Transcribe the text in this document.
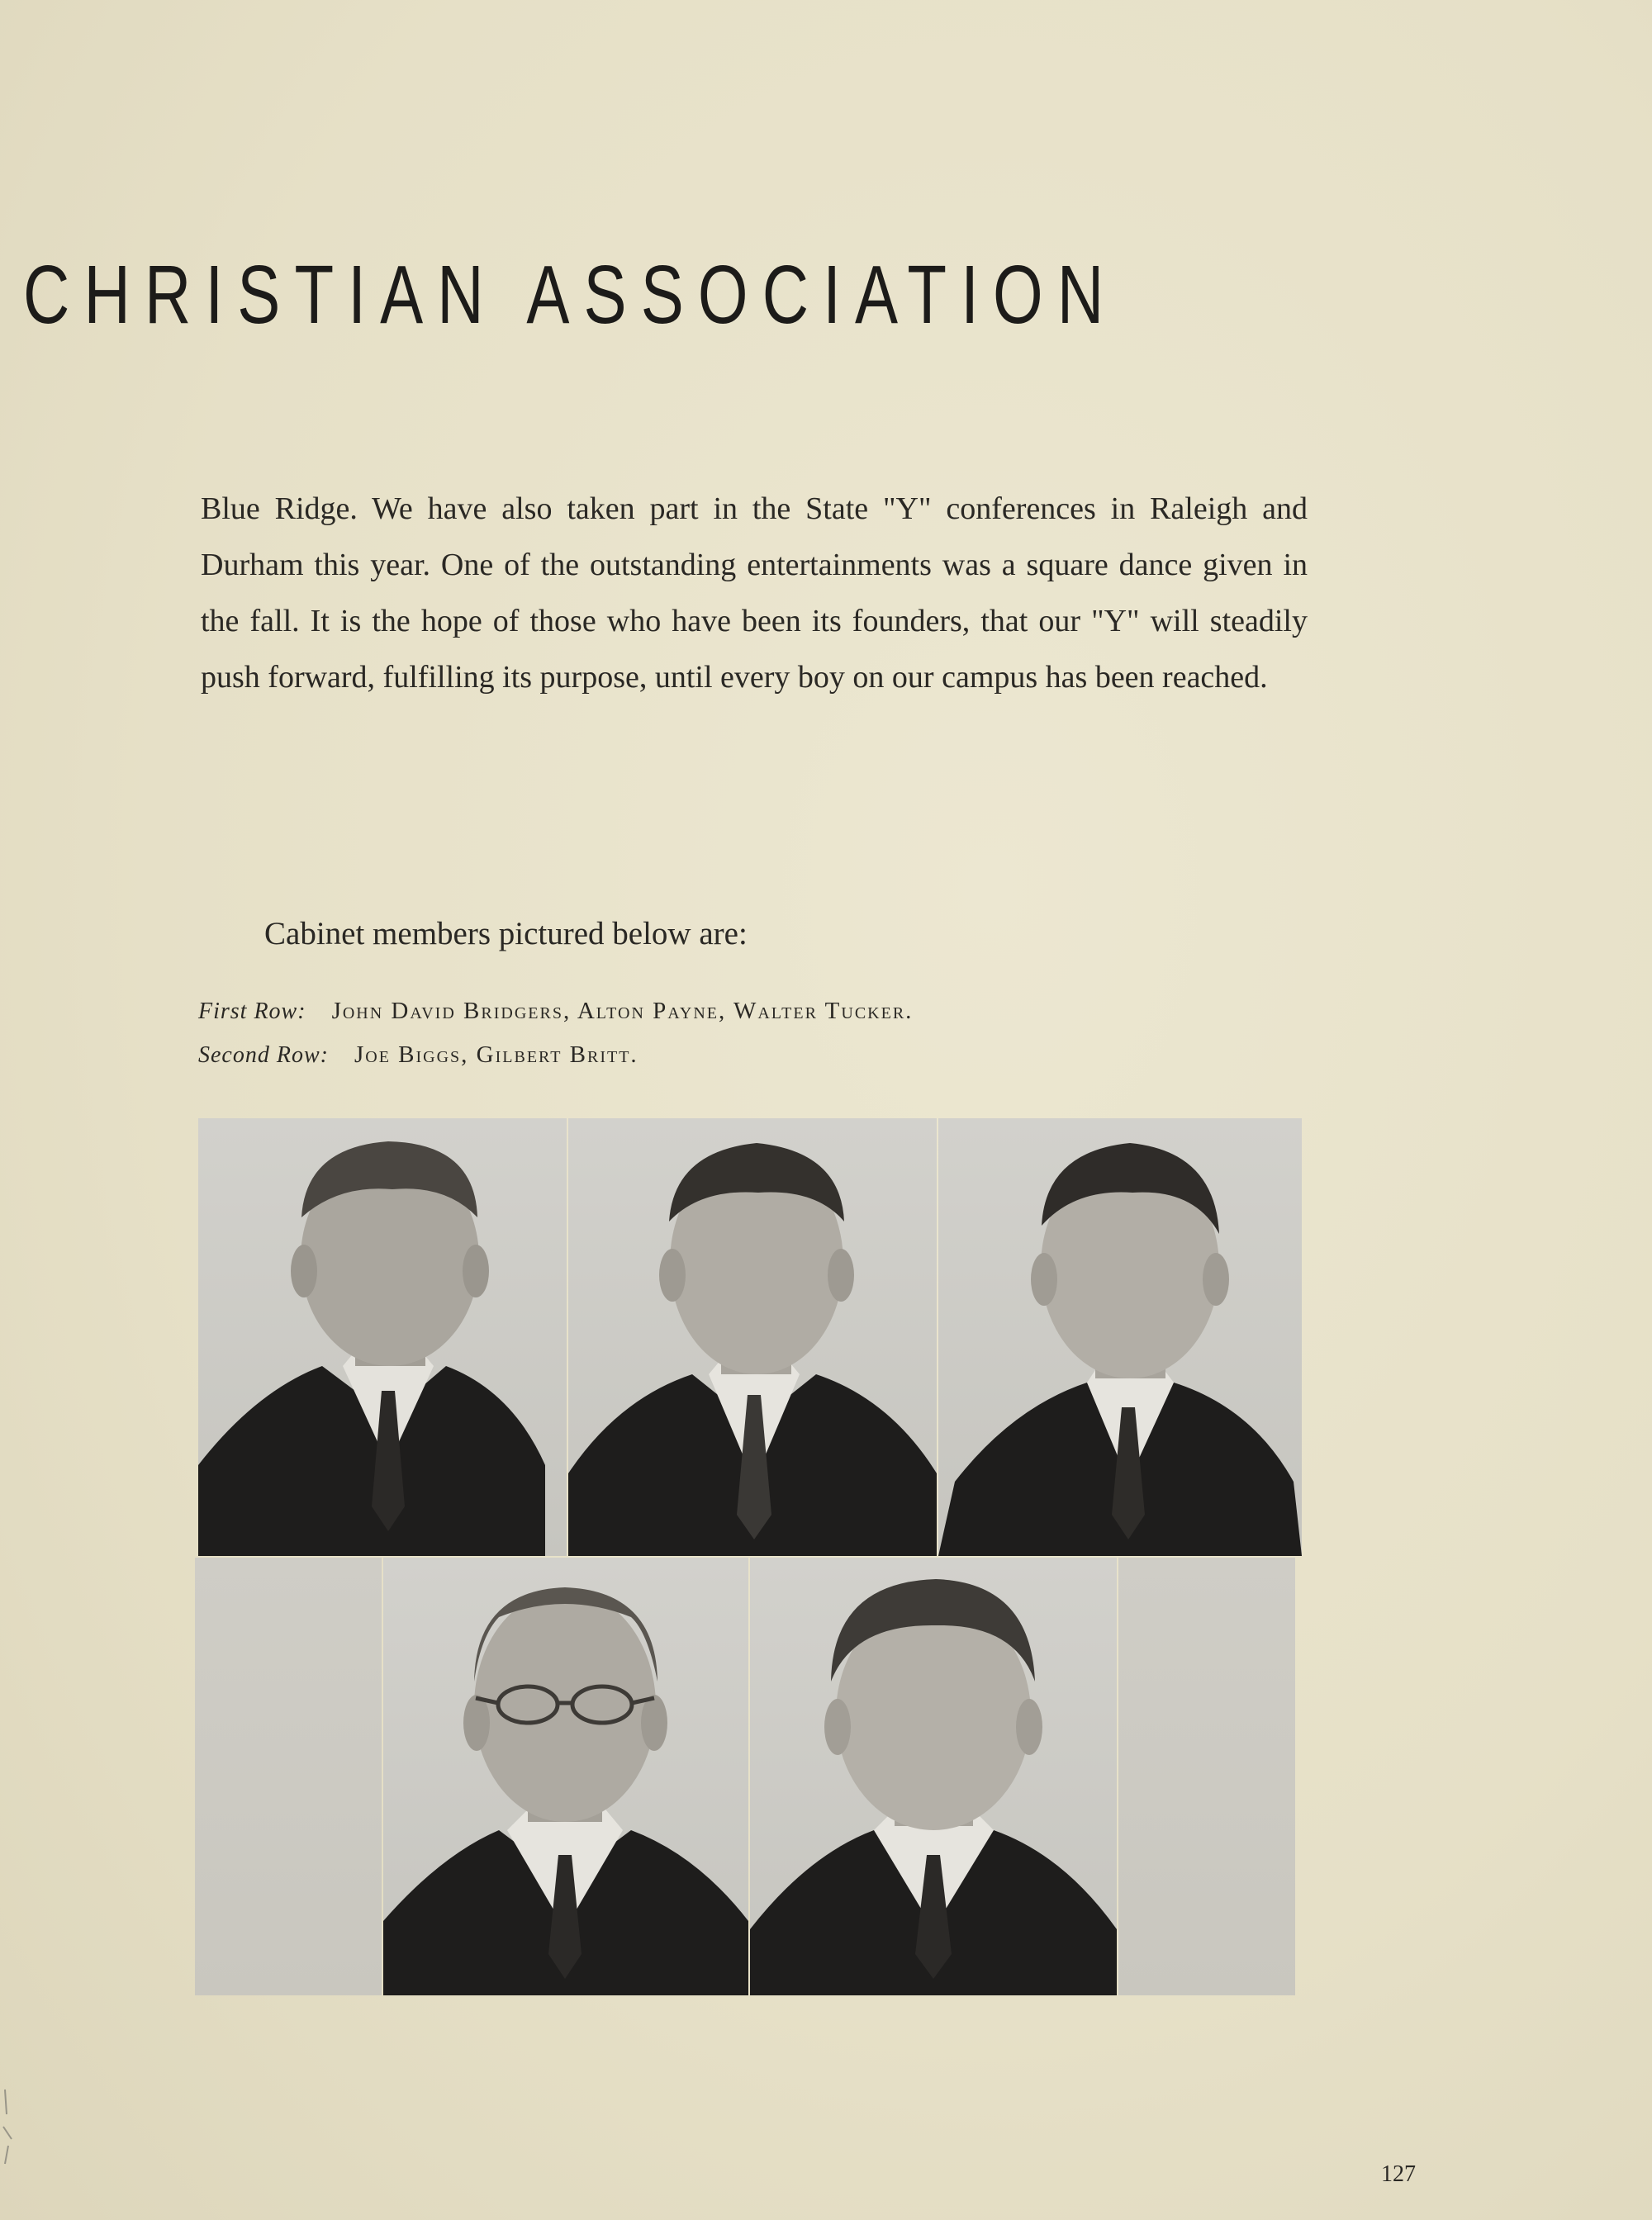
CHRISTIAN ASSOCIATION

Blue Ridge. We have also taken part in the State "Y" conferences in Raleigh and Durham this year. One of the outstanding entertainments was a square dance given in the fall. It is the hope of those who have been its founders, that our "Y" will steadily push forward, fulfilling its purpose, until every boy on our campus has been reached.

Cabinet members pictured below are:
First Row: John David Bridgers, Alton Payne, Walter Tucker.
Second Row: Joe Biggs, Gilbert Britt.
127
